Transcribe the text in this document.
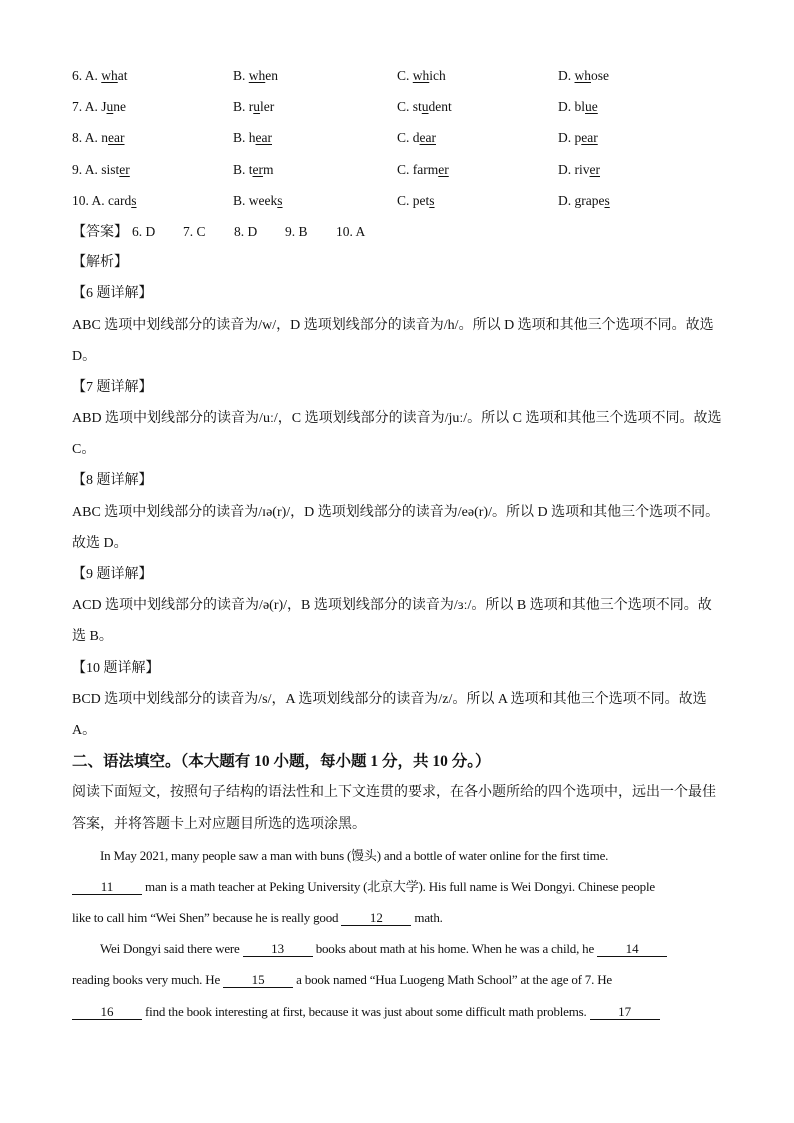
6. A. what	B. when	C. which	D. whose
7. A. June	B. ruler	C. student	D. blue
8. A. near	B. hear	C. dear	D. pear
9. A. sister	B. term	C. farmer	D. river
10. A. cards	B. weeks	C. pets	D. grapes
【答案】 6. D 7. C 8. D 9. B 10. A
【解析】
【6 题详解】
ABC 选项中划线部分的读音为/w/，D 选项划线部分的读音为/h/。所以 D 选项和其他三个选项不同。故选
D。
【7 题详解】
ABD 选项中划线部分的读音为/uː/，C 选项划线部分的读音为/juː/。所以 C 选项和其他三个选项不同。故选
C。
【8 题详解】
ABC 选项中划线部分的读音为/ɪə(r)/，D 选项划线部分的读音为/eə(r)/。所以 D 选项和其他三个选项不同。
故选 D。
【9 题详解】
ACD 选项中划线部分的读音为/ə(r)/，B 选项划线部分的读音为/ɜː/。所以 B 选项和其他三个选项不同。故
选 B。
【10 题详解】
BCD 选项中划线部分的读音为/s/，A 选项划线部分的读音为/z/。所以 A 选项和其他三个选项不同。故选
A。
二、语法填空。（本大题有 10 小题，每小题 1 分，共 10 分。）
阅读下面短文，按照句子结构的语法性和上下文连贯的要求，在各小题所给的四个选项中，远出一个最佳
答案，并将答题卡上对应题目所选的选项涂黑。
In May 2021, many people saw a man with buns (馒头) and a bottle of water online for the first time.
11 man is a math teacher at Peking University (北京大学). His full name is Wei Dongyi. Chinese people
like to call him “Wei Shen” because he is really good 12 math.
Wei Dongyi said there were 13 books about math at his home. When he was a child, he 14
reading books very much. He 15 a book named “Hua Luogeng Math School” at the age of 7. He
16 find the book interesting at first, because it was just about some difficult math problems. 17
